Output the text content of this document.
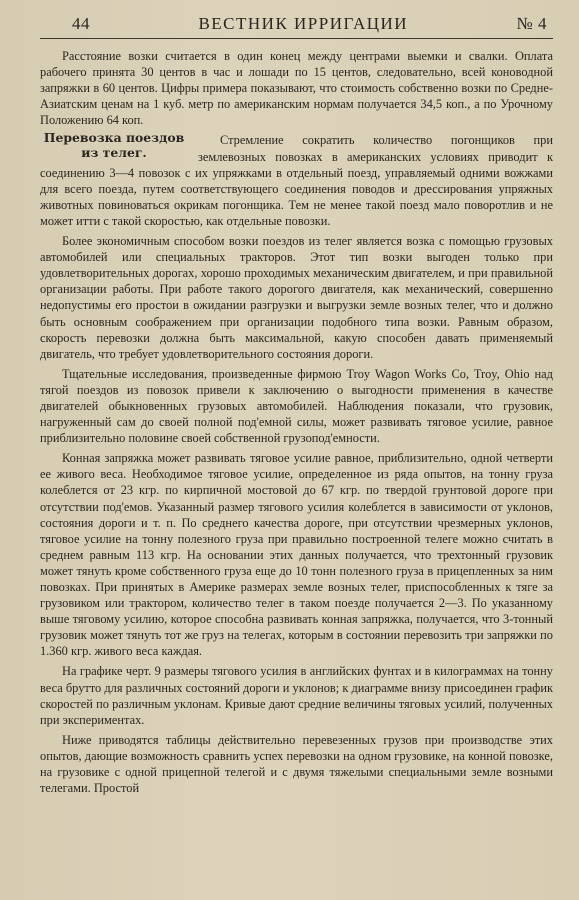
44	ВЕСТНИК ИРРИГАЦИИ	№ 4

Расстояние возки считается в один конец между центрами выемки и свалки. Оплата рабочего принята 30 центов в час и лошади по 15 центов, следовательно, всей коноводной запряжки в 60 центов. Цифры примера показывают, что стоимость собственно возки по Средне-Азиатским ценам на 1 куб. метр по американским нормам получается 34,5 коп., а по Урочному Положению 64 коп.

Перевозка поездов из телег.

Стремление сократить количество погонщиков при землевозных повозках в американских условиях приводит к соединению 3—4 повозок с их упряжками в отдельный поезд, управляемый одними вожжами для всего поезда, путем соответствующего соединения поводов и дрессирования упряжных животных повиноваться окрикам погонщика. Тем не менее такой поезд мало поворотлив и не может итти с такой скоростью, как отдельные повозки.

Более экономичным способом возки поездов из телег является возка с помощью грузовых автомобилей или специальных тракторов. Этот тип возки выгоден только при удовлетворительных дорогах, хорошо проходимых механическим двигателем, и при правильной организации работы. При работе такого дорогого двигателя, как механический, совершенно недопустимы его простои в ожидании разгрузки и выгрузки земле возных телег, что и должно быть основным соображением при организации подобного типа возки. Равным образом, скорость перевозки должна быть максимальной, какую способен давать применяемый двигатель, что требует удовлетворительного состояния дороги.

Тщательные исследования, произведенные фирмою Troy Wagon Works Co, Troy, Ohio над тягой поездов из повозок привели к заключению о выгодности применения в качестве двигателей обыкновенных грузовых автомобилей. Наблюдения показали, что грузовик, нагруженный сам до своей полной под'емной силы, может развивать тяговое усилие, равное приблизительно половине своей собственной грузопод'емности.

Конная запряжка может развивать тяговое усилие равное, приблизительно, одной четверти ее живого веса. Необходимое тяговое усилие, определенное из ряда опытов, на тонну груза колеблется от 23 кгр. по кирпичной мостовой до 67 кгр. по твердой грунтовой дороге при отсутствии под'емов. Указанный размер тягового усилия колеблется в зависимости от уклонов, состояния дороги и т. п. По среднего качества дороге, при отсутствии чрезмерных уклонов, тяговое усилие на тонну полезного груза при правильно построенной телеге можно считать в среднем равным 113 кгр. На основании этих данных получается, что трехтонный грузовик может тянуть кроме собственного груза еще до 10 тонн полезного груза в прицепленных за ним повозках. При принятых в Америке размерах земле возных телег, приспособленных к тяге за грузовиком или трактором, количество телег в таком поезде получается 2—3. По указанному выше тяговому усилию, которое способна развивать конная запряжка, получается, что 3-тонный грузовик может тянуть тот же груз на телегах, которым в состоянии перевозить три запряжки по 1.360 кгр. живого веса каждая.

На графике черт. 9 размеры тягового усилия в английских фунтах и в килограммах на тонну веса брутто для различных состояний дороги и уклонов; к диаграмме внизу присоединен график скоростей по различным уклонам. Кривые дают средние величины тяговых усилий, полученных при экспериментах.

Ниже приводятся таблицы действительно перевезенных грузов при производстве этих опытов, дающие возможность сравнить успех перевозки на одном грузовике, на конной повозке, на грузовике с одной прицепной телегой и с двумя тяжелыми специальными земле возными телегами. Простой
